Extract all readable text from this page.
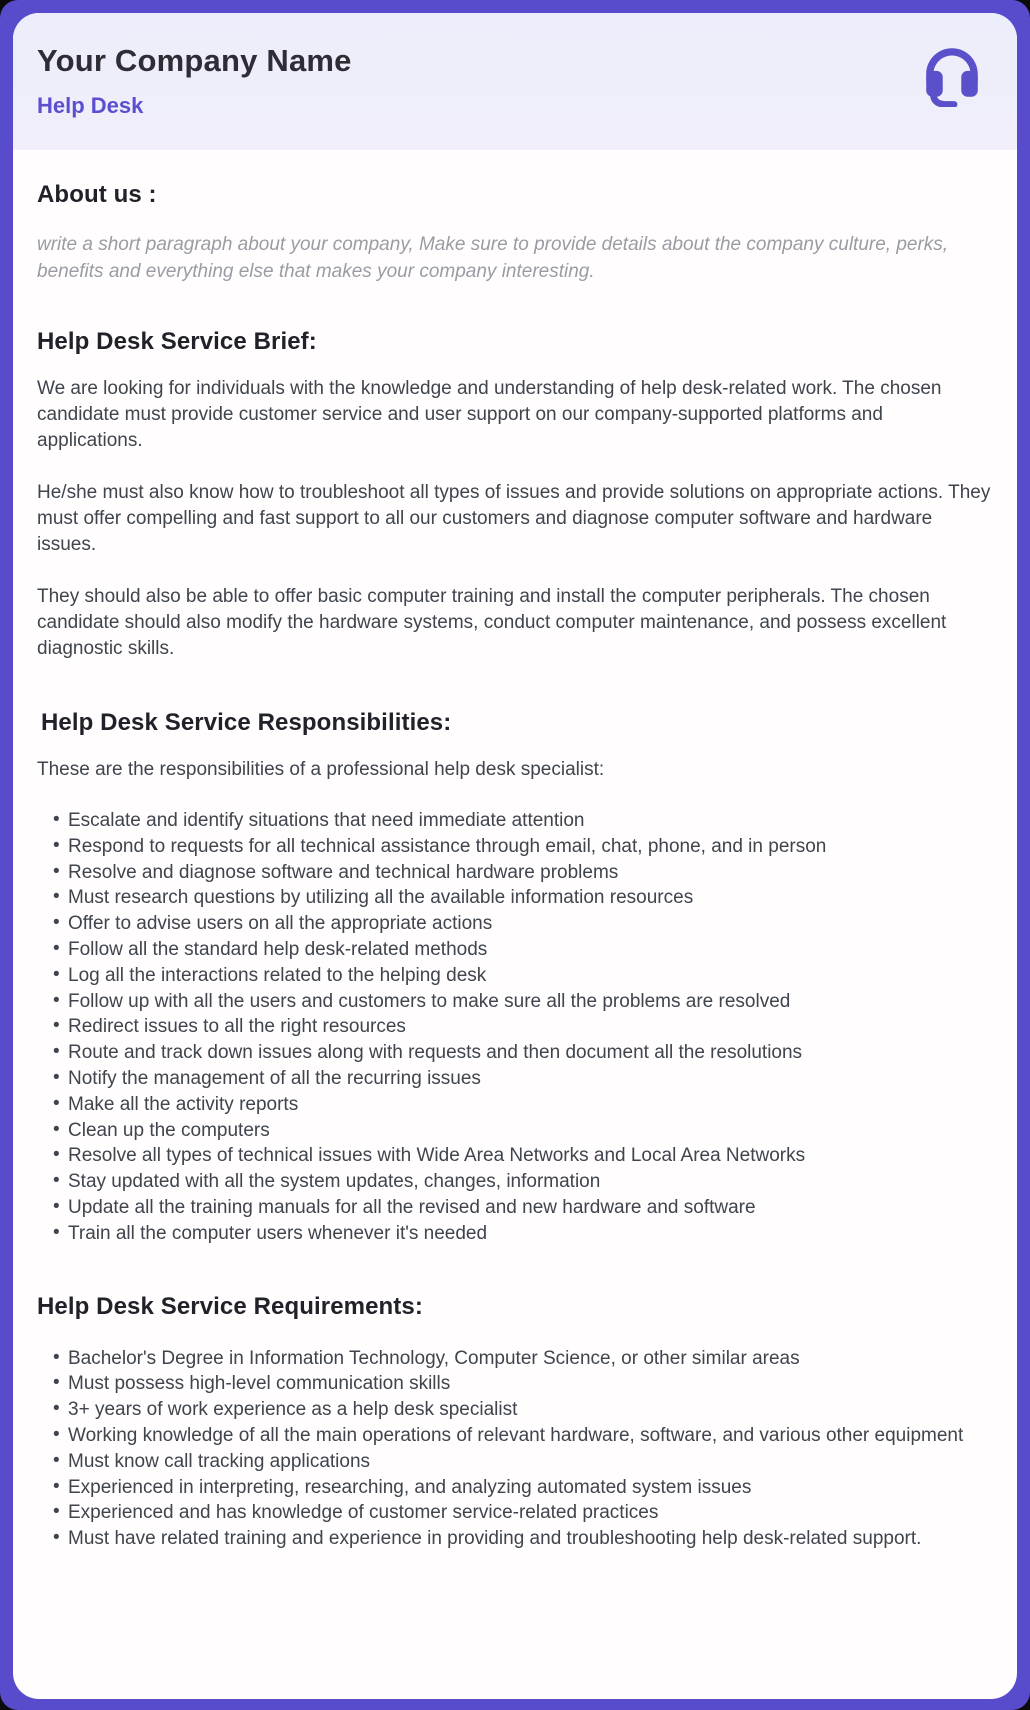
Your Company Name
Help Desk
About us :

write a short paragraph about your company, Make sure to provide details about the company culture, perks, benefits and everything else that makes your company interesting.

Help Desk Service Brief:

We are looking for individuals with the knowledge and understanding of help desk-related work. The chosen candidate must provide customer service and user support on our company-supported platforms and applications.

He/she must also know how to troubleshoot all types of issues and provide solutions on appropriate actions. They must offer compelling and fast support to all our customers and diagnose computer software and hardware issues.

They should also be able to offer basic computer training and install the computer peripherals. The chosen candidate should also modify the hardware systems, conduct computer maintenance, and possess excellent diagnostic skills.

Help Desk Service Responsibilities:

These are the responsibilities of a professional help desk specialist:

• Escalate and identify situations that need immediate attention
• Respond to requests for all technical assistance through email, chat, phone, and in person
• Resolve and diagnose software and technical hardware problems
• Must research questions by utilizing all the available information resources
• Offer to advise users on all the appropriate actions
• Follow all the standard help desk-related methods
• Log all the interactions related to the helping desk
• Follow up with all the users and customers to make sure all the problems are resolved
• Redirect issues to all the right resources
• Route and track down issues along with requests and then document all the resolutions
• Notify the management of all the recurring issues
• Make all the activity reports
• Clean up the computers
• Resolve all types of technical issues with Wide Area Networks and Local Area Networks
• Stay updated with all the system updates, changes, information
• Update all the training manuals for all the revised and new hardware and software
• Train all the computer users whenever it's needed
Help Desk Service Requirements:
• Bachelor's Degree in Information Technology, Computer Science, or other similar areas
• Must possess high-level communication skills
• 3+ years of work experience as a help desk specialist
• Working knowledge of all the main operations of relevant hardware, software, and various other equipment
• Must know call tracking applications
• Experienced in interpreting, researching, and analyzing automated system issues
• Experienced and has knowledge of customer service-related practices
• Must have related training and experience in providing and troubleshooting help desk-related support.
